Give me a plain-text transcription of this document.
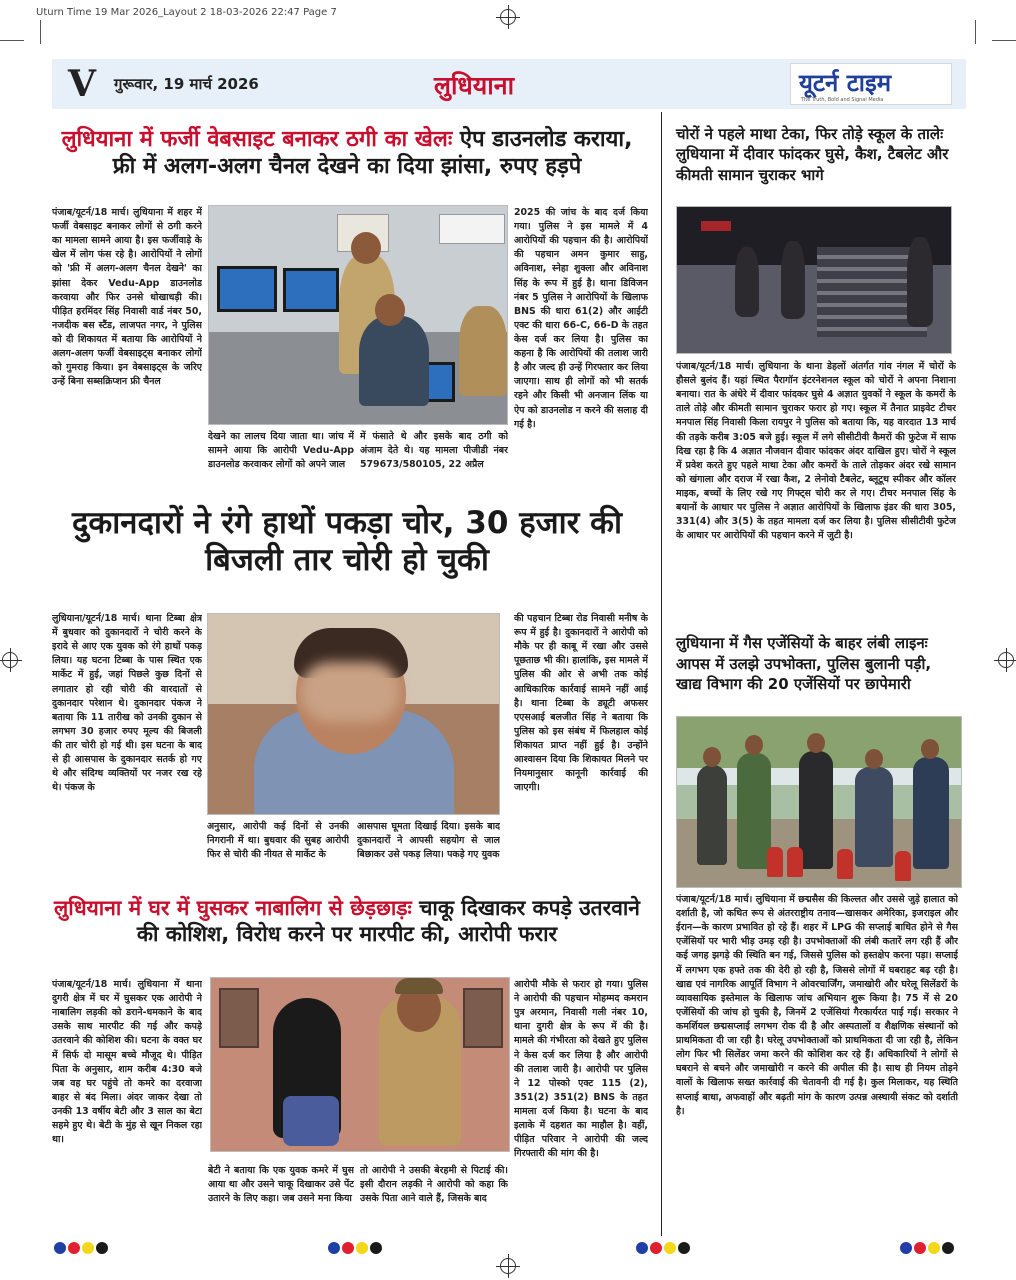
Uturn Time 19 Mar 2026_Layout 2 18-03-2026 22:47 Page 7
V गुरूवार, 19 मार्च 2026	लुधियाना	यूटर्न टाइम
The Truth, Bold and Signal Media
लुधियाना में फर्जी वेबसाइट बनाकर ठगी का खेलः ऐप डाउनलोड कराया, फ्री में अलग-अलग चैनल देखने का दिया झांसा, रुपए हड़पे
पंजाब/यूटर्न/18 मार्च। लुधियाना में शहर में फर्जी वेबसाइट बनाकर लोगों से ठगी करने का मामला सामने आया है। इस फर्जीवाड़े के खेल में लोग फंस रहे है। आरोपियों ने लोगों को 'फ्री में अलग-अलग चैनल देखने' का झांसा देकर Vedu-App डाउनलोड करवाया और फिर उनसे धोखाधड़ी की। पीड़ित हरमिंदर सिंह निवासी वार्ड नंबर 50, नजदीक बस स्टैंड, लाजपत नगर, ने पुलिस को दी शिकायत में बताया कि आरोपियों ने अलग-अलग फर्जी वेबसाइट्स बनाकर लोगों को गुमराह किया। इन वेबसाइट्स के जरिए उन्हें बिना सब्सक्रिप्शन फ्री चैनल
देखने का लालच दिया जाता था। जांच में सामने आया कि आरोपी Vedu-App डाउनलोड करवाकर लोगों को अपने जाल
में फंसाते थे और इसके बाद ठगी को अंजाम देते थे। यह मामला पीजीडी नंबर 579673/580105, 22 अप्रैल
2025 की जांच के बाद दर्ज किया गया। पुलिस ने इस मामले में 4 आरोपियों की पहचान की है। आरोपियों की पहचान अमन कुमार साहु, अविनाश, स्नेहा शुक्ला और अविनाश सिंह के रूप में हुई है। थाना डिविजन नंबर 5 पुलिस ने आरोपियों के खिलाफ BNS की धारा 61(2) और आईटी एक्ट की धारा 66-C, 66-D के तहत केस दर्ज कर लिया है। पुलिस का कहना है कि आरोपियों की तलाश जारी है और जल्द ही उन्हें गिरफ्तार कर लिया जाएगा। साथ ही लोगों को भी सतर्क रहने और किसी भी अनजान लिंक या ऐप को डाउनलोड न करने की सलाह दी गई है।
दुकानदारों ने रंगे हाथों पकड़ा चोर, 30 हजार की बिजली तार चोरी हो चुकी
लुधियाना/यूटर्न/18 मार्च। थाना टिब्बा क्षेत्र में बुधवार को दुकानदारों ने चोरी करने के इरादे से आए एक युवक को रंगे हाथों पकड़ लिया। यह घटना टिब्बा के पास स्थित एक मार्केट में हुई, जहां पिछले कुछ दिनों से लगातार हो रही चोरी की वारदातों से दुकानदार परेशान थे। दुकानदार पंकज ने बताया कि 11 तारीख को उनकी दुकान से लगभग 30 हजार रुपए मूल्य की बिजली की तार चोरी हो गई थी। इस घटना के बाद से ही आसपास के दुकानदार सतर्क हो गए थे और संदिग्ध व्यक्तियों पर नजर रख रहे थे। पंकज के
अनुसार, आरोपी कई दिनों से उनकी निगरानी में था। बुधवार की सुबह आरोपी फिर से चोरी की नीयत से मार्केट के
आसपास घूमता दिखाई दिया। इसके बाद दुकानदारों ने आपसी सहयोग से जाल बिछाकर उसे पकड़ लिया। पकड़े गए युवक
की पहचान टिब्बा रोड निवासी मनीष के रूप में हुई है। दुकानदारों ने आरोपी को मौके पर ही काबू में रखा और उससे पूछताछ भी की। हालांकि, इस मामले में पुलिस की ओर से अभी तक कोई आधिकारिक कार्रवाई सामने नहीं आई है। थाना टिब्बा के ड्यूटी अफसर एएसआई बलजीत सिंह ने बताया कि पुलिस को इस संबंध में फिलहाल कोई शिकायत प्राप्त नहीं हुई है। उन्होंने आश्वासन दिया कि शिकायत मिलने पर नियमानुसार कानूनी कार्रवाई की जाएगी।
लुधियाना में घर में घुसकर नाबालिग से छेड़छाड़ः चाकू दिखाकर कपड़े उतरवाने की कोशिश, विरोध करने पर मारपीट की, आरोपी फरार
पंजाब/यूटर्न/18 मार्च। लुधियाना में थाना दुगरी क्षेत्र में घर में घुसकर एक आरोपी ने नाबालिग लड़की को डराने-धमकाने के बाद उसके साथ मारपीट की गई और कपड़े उतरवाने की कोशिश की। घटना के वक्त घर में सिर्फ दो मासूम बच्चे मौजूद थे। पीड़ित पिता के अनुसार, शाम करीब 4:30 बजे जब वह घर पहुंचे तो कमरे का दरवाजा बाहर से बंद मिला। अंदर जाकर देखा तो उनकी 13 वर्षीय बेटी और 3 साल का बेटा सहमे हुए थे। बेटी के मुंह से खून निकल रहा था।
बेटी ने बताया कि एक युवक कमरे में घुस आया था और उसने चाकू दिखाकर उसे पेंट उतारने के लिए कहा। जब उसने मना किया
तो आरोपी ने उसकी बेरहमी से पिटाई की। इसी दौरान लड़की ने आरोपी को कहा कि उसके पिता आने वाले हैं, जिसके बाद
आरोपी मौके से फरार हो गया। पुलिस ने आरोपी की पहचान मोहम्मद कमरान पुत्र अरमान, निवासी गली नंबर 10, थाना दुगरी क्षेत्र के रूप में की है। मामले की गंभीरता को देखते हुए पुलिस ने केस दर्ज कर लिया है और आरोपी की तलाश जारी है। आरोपी पर पुलिस ने 12 पोस्को एक्ट 115 (2), 351(2) 351(2) BNS के तहत मामला दर्ज किया है। घटना के बाद इलाके में दहशत का माहौल है। वहीं, पीड़ित परिवार ने आरोपी की जल्द गिरफ्तारी की मांग की है।
चोरों ने पहले माथा टेका, फिर तोड़े स्कूल के तालेः लुधियाना में दीवार फांदकर घुसे, कैश, टैबलेट और कीमती सामान चुराकर भागे
पंजाब/यूटर्न/18 मार्च। लुधियाना के थाना डेहलों अंतर्गत गांव नंगल में चोरों के हौसले बुलंद हैं। यहां स्थित पैरागॉन इंटरनेशनल स्कूल को चोरों ने अपना निशाना बनाया। रात के अंधेरे में दीवार फांदकर घुसे 4 अज्ञात युवकों ने स्कूल के कमरों के ताले तोड़े और कीमती सामान चुराकर फरार हो गए। स्कूल में तैनात प्राइवेट टीचर मनपाल सिंह निवासी किला रायपुर ने पुलिस को बताया कि, यह वारदात 13 मार्च की तड़के करीब 3:05 बजे हुई। स्कूल में लगे सीसीटीवी कैमरों की फुटेज में साफ दिख रहा है कि 4 अज्ञात नौजवान दीवार फांदकर अंदर दाखिल हुए। चोरों ने स्कूल में प्रवेश करते हुए पहले माथा टेका और कमरों के ताले तोड़कर अंदर रखे सामान को खंगाला और दराज में रखा कैश, 2 लेनोवो टैबलेट, ब्लूटूथ स्पीकर और कॉलर माइक, बच्चों के लिए रखे गए गिफ्ट्स चोरी कर ले गए। टीचर मनपाल सिंह के बयानों के आधार पर पुलिस ने अज्ञात आरोपियों के खिलाफ इंडर की धारा 305, 331(4) और 3(5) के तहत मामला दर्ज कर लिया है। पुलिस सीसीटीवी फुटेज के आधार पर आरोपियों की पहचान करने में जुटी है।
लुधियाना में गैस एजेंसियों के बाहर लंबी लाइनः आपस में उलझे उपभोक्ता, पुलिस बुलानी पड़ी, खाद्य विभाग की 20 एजेंसियों पर छापेमारी
पंजाब/यूटर्न/18 मार्च। लुधियाना में छद्मसैस की किल्लत और उससे जुड़े हालात को दर्शाती है, जो कथित रूप से अंतरराष्ट्रीय तनाव—खासकर अमेरिका, इजराइल और ईरान—के कारण प्रभावित हो रहे हैं। शहर में LPG की सप्लाई बाधित होने से गैस एजेंसियों पर भारी भीड़ उमड़ रही है। उपभोक्ताओं की लंबी कतारें लग रही हैं और कई जगह झगड़े की स्थिति बन गई, जिससे पुलिस को हस्तक्षेप करना पड़ा। सप्लाई में लगभग एक हफ्ते तक की देरी हो रही है, जिससे लोगों में घबराहट बढ़ रही है। खाद्य एवं नागरिक आपूर्ति विभाग ने ओवरचार्जिंग, जमाखोरी और घरेलू सिलेंडरों के व्यावसायिक इस्तेमाल के खिलाफ जांच अभियान शुरू किया है। 75 में से 20 एजेंसियों की जांच हो चुकी है, जिनमें 2 एजेंसियां गैरकार्यरत पाई गई। सरकार ने कमर्शियल छद्मसप्लाई लगभग रोक दी है और अस्पतालों व शैक्षणिक संस्थानों को प्राथमिकता दी जा रही है। घरेलू उपभोक्ताओं को प्राथमिकता दी जा रही है, लेकिन लोग फिर भी सिलेंडर जमा करने की कोशिश कर रहे हैं। अधिकारियों ने लोगों से घबराने से बचने और जमाखोरी न करने की अपील की है। साथ ही नियम तोड़ने वालों के खिलाफ सख्त कार्रवाई की चेतावनी दी गई है। कुल मिलाकर, यह स्थिति सप्लाई बाधा, अफवाहों और बढ़ती मांग के कारण उत्पन्न अस्थायी संकट को दर्शाती है।
